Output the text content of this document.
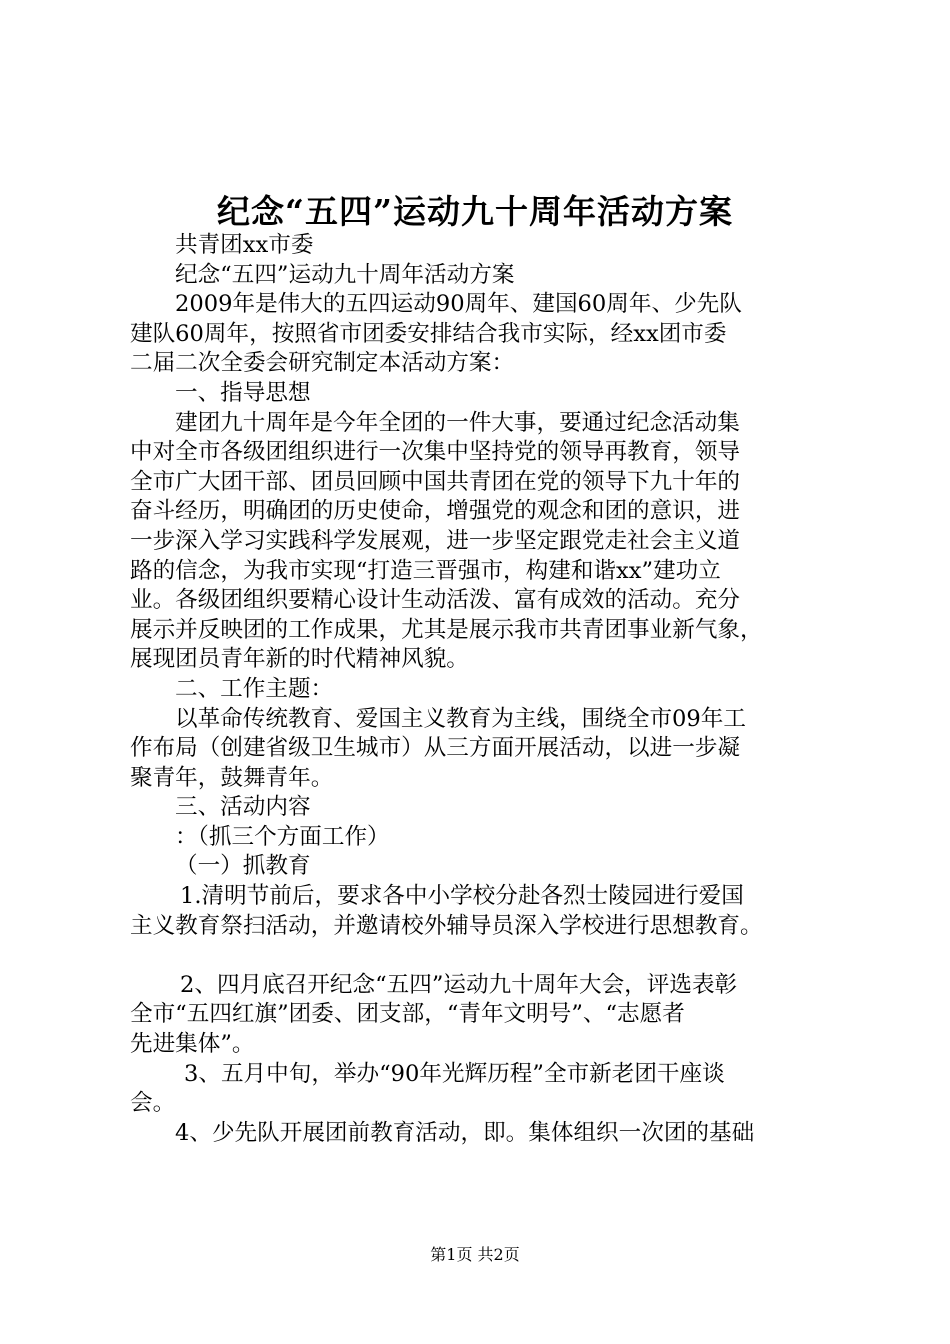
纪念“五四”运动九十周年活动方案
共青团xx市委
纪念“五四”运动九十周年活动方案
2009年是伟大的五四运动90周年、建国60周年、少先队
建队60周年，按照省市团委安排结合我市实际，经xx团市委
二届二次全委会研究制定本活动方案：
一、指导思想
建团九十周年是今年全团的一件大事，要通过纪念活动集
中对全市各级团组织进行一次集中坚持党的领导再教育，领导
全市广大团干部、团员回顾中国共青团在党的领导下九十年的
奋斗经历，明确团的历史使命，增强党的观念和团的意识，进
一步深入学习实践科学发展观，进一步坚定跟党走社会主义道
路的信念，为我市实现“打造三晋强市，构建和谐xx”建功立
业。各级团组织要精心设计生动活泼、富有成效的活动。充分
展示并反映团的工作成果，尤其是展示我市共青团事业新气象，
展现团员青年新的时代精神风貌。
二、工作主题：
以革命传统教育、爱国主义教育为主线，围绕全市09年工
作布局（创建省级卫生城市）从三方面开展活动，以进一步凝
聚青年，鼓舞青年。
三、活动内容
：（抓三个方面工作）
（一）抓教育
1.清明节前后，要求各中小学校分赴各烈士陵园进行爱国
主义教育祭扫活动，并邀请校外辅导员深入学校进行思想教育。
2、四月底召开纪念“五四”运动九十周年大会，评选表彰
全市“五四红旗”团委、团支部，“青年文明号”、“志愿者
先进集体”。
3、五月中旬，举办“90年光辉历程”全市新老团干座谈
会。
4、少先队开展团前教育活动，即。集体组织一次团的基础
第1页 共2页
